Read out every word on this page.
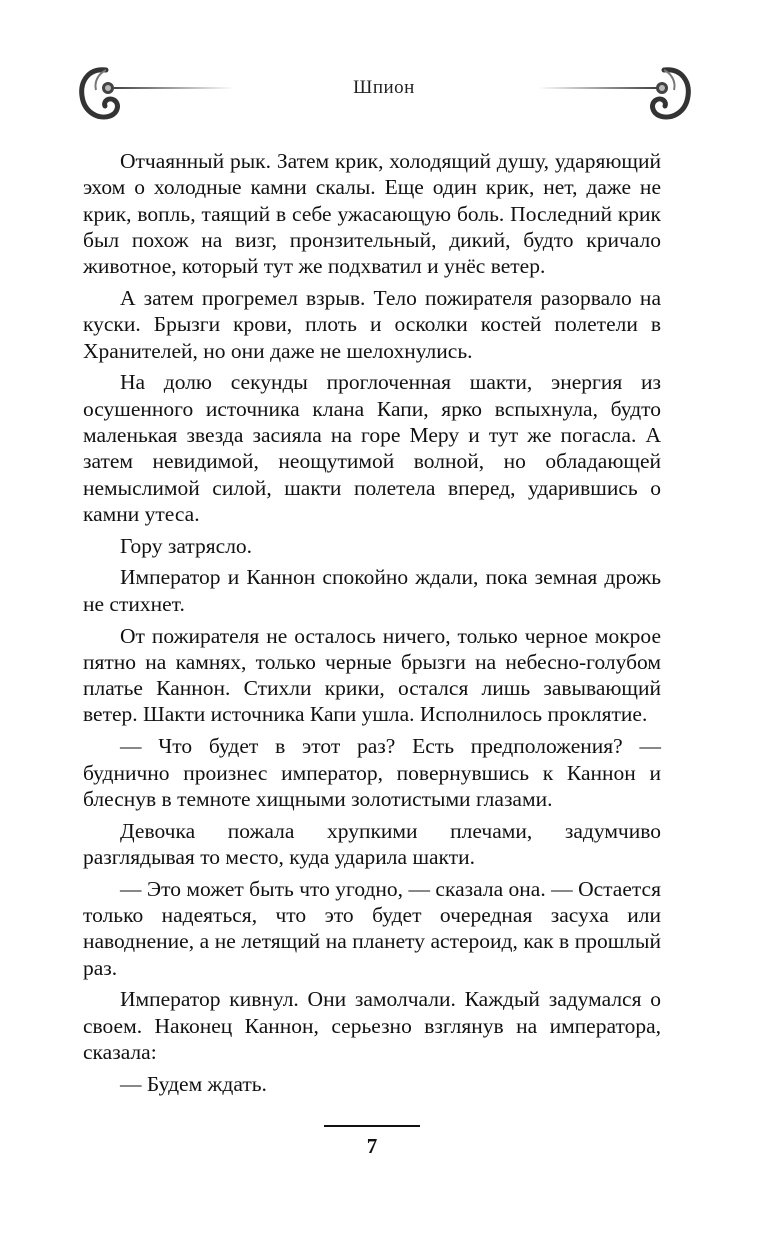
Шпион

Отчаянный рык. Затем крик, холодящий душу, ударяющий эхом о холодные камни скалы. Еще один крик, нет, даже не крик, вопль, таящий в себе ужасающую боль. Последний крик был похож на визг, пронзительный, дикий, будто кричало животное, который тут же подхватил и унёс ветер.

А затем прогремел взрыв. Тело пожирателя разорвало на куски. Брызги крови, плоть и осколки костей полетели в Хранителей, но они даже не шелохнулись.

На долю секунды проглоченная шакти, энергия из осушенного источника клана Капи, ярко вспыхнула, будто маленькая звезда засияла на горе Меру и тут же погасла. А затем невидимой, неощутимой волной, но обладающей немыслимой силой, шакти полетела вперед, ударившись о камни утеса.

Гору затрясло.

Император и Каннон спокойно ждали, пока земная дрожь не стихнет.

От пожирателя не осталось ничего, только черное мокрое пятно на камнях, только черные брызги на небесно-голубом платье Каннон. Стихли крики, остался лишь завывающий ветер. Шакти источника Капи ушла. Исполнилось проклятие.

— Что будет в этот раз? Есть предположения? — буднично произнес император, повернувшись к Каннон и блеснув в темноте хищными золотистыми глазами.

Девочка пожала хрупкими плечами, задумчиво разглядывая то место, куда ударила шакти.

— Это может быть что угодно, — сказала она. — Остается только надеяться, что это будет очередная засуха или наводнение, а не летящий на планету астероид, как в прошлый раз.

Император кивнул. Они замолчали. Каждый задумался о своем. Наконец Каннон, серьезно взглянув на императора, сказала:

— Будем ждать.

7
